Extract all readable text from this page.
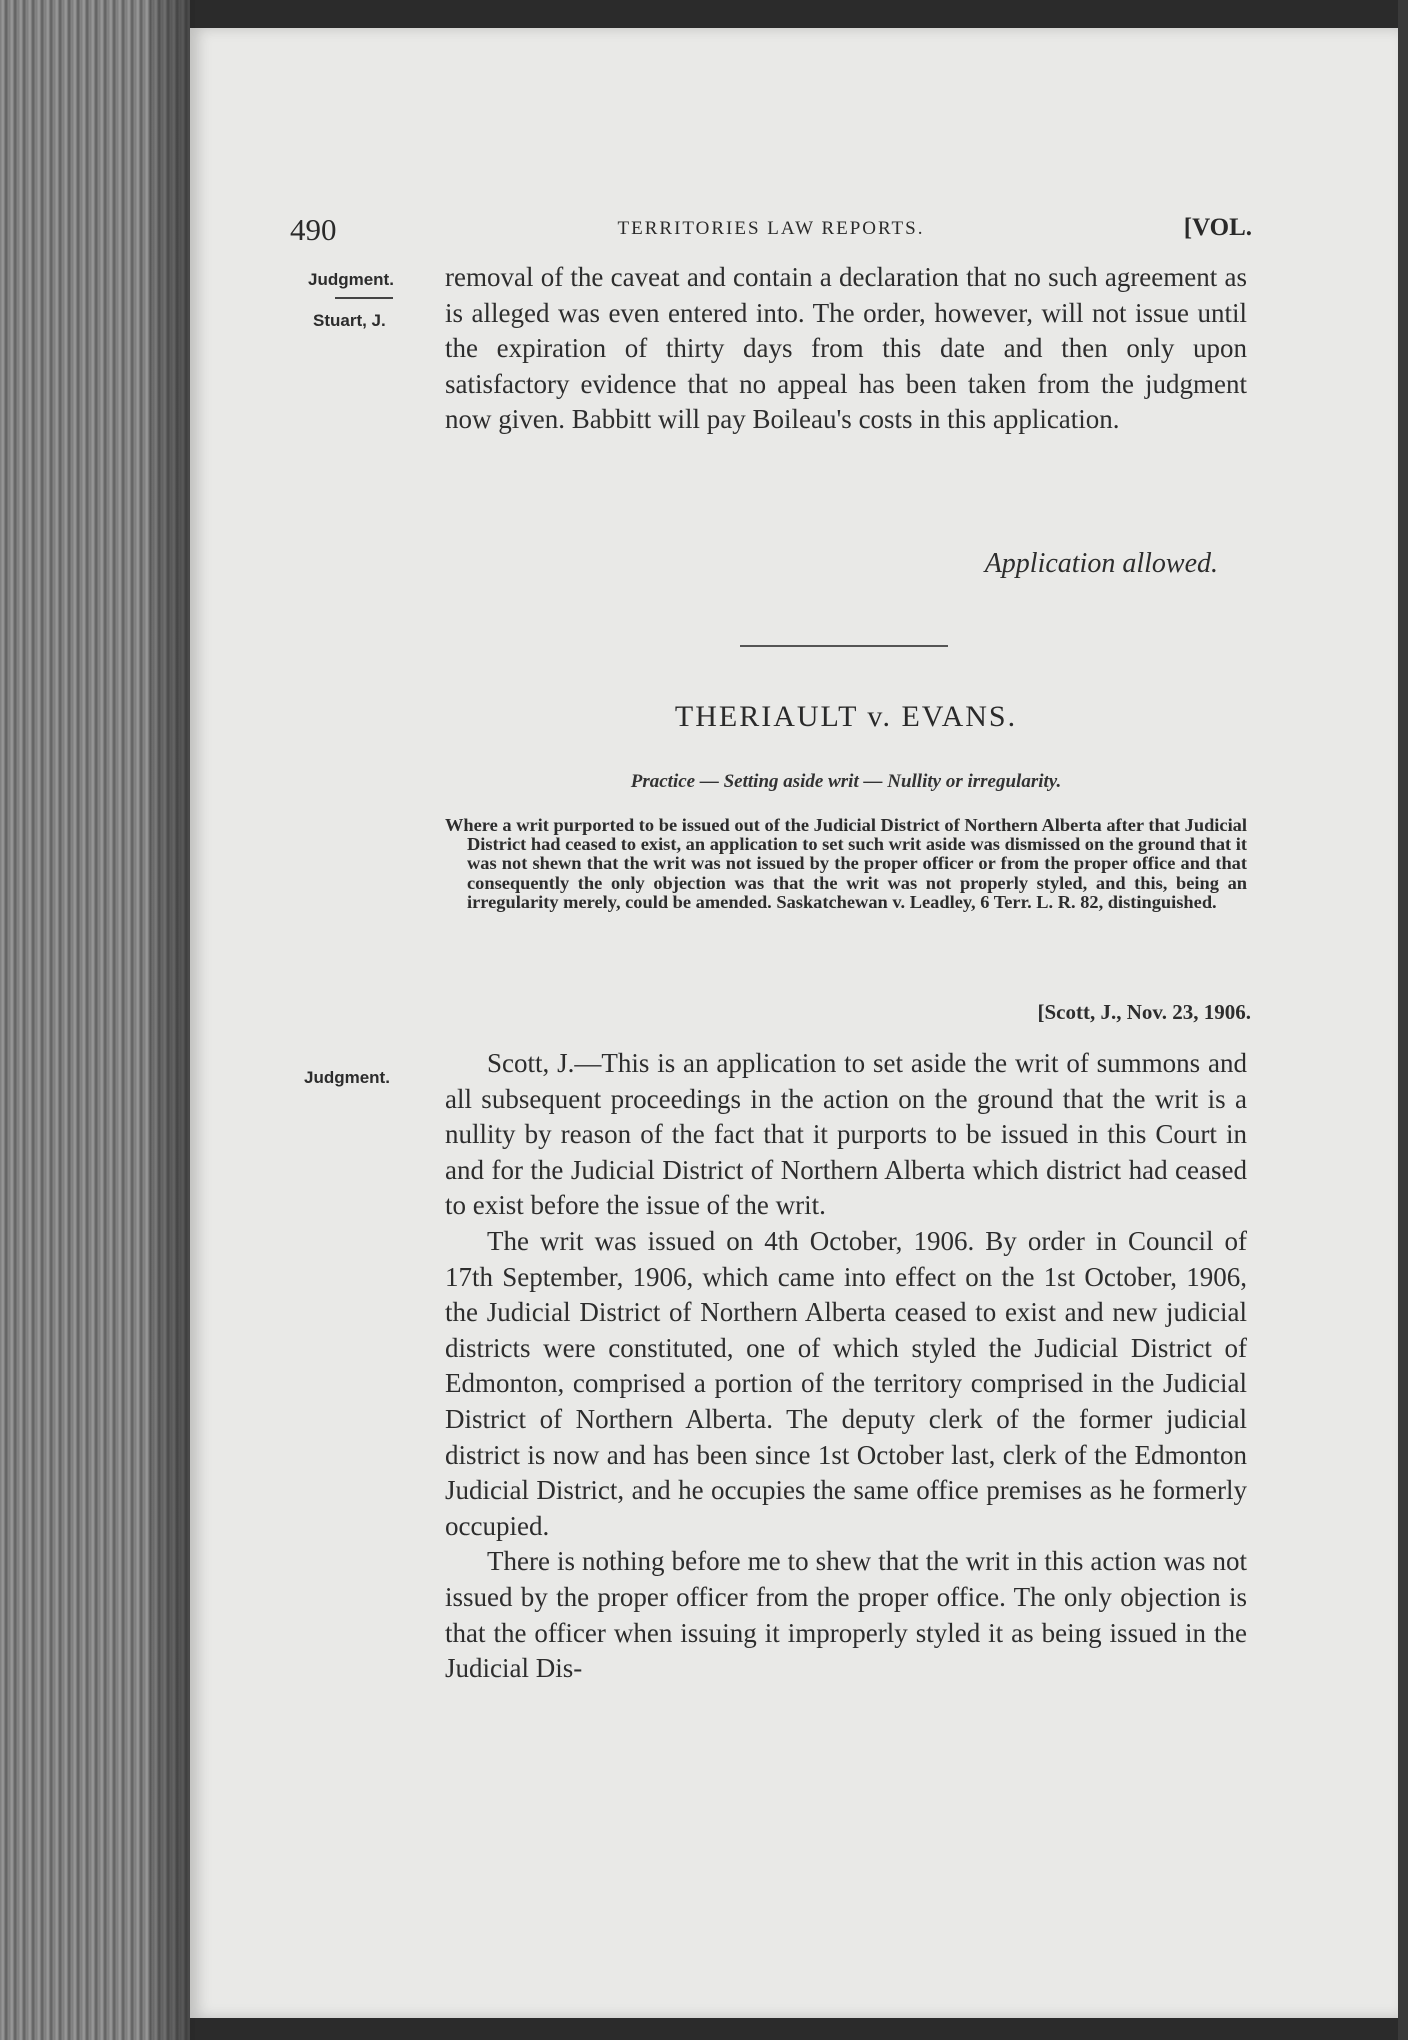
490	TERRITORIES LAW REPORTS.	[VOL.
Judgment.
Stuart, J.
removal of the caveat and contain a declaration that no such agreement as is alleged was even entered into. The order, however, will not issue until the expiration of thirty days from this date and then only upon satisfactory evidence that no appeal has been taken from the judgment now given. Babbitt will pay Boileau's costs in this application.
Application allowed.
THERIAULT v. EVANS.
Practice — Setting aside writ — Nullity or irregularity.
Where a writ purported to be issued out of the Judicial District of Northern Alberta after that Judicial District had ceased to exist, an application to set such writ aside was dismissed on the ground that it was not shewn that the writ was not issued by the proper officer or from the proper office and that consequently the only objection was that the writ was not properly styled, and this, being an irregularity merely, could be amended. Saskatchewan v. Leadley, 6 Terr. L. R. 82, distinguished.
[Scott, J., Nov. 23, 1906.
Judgment.	Scott, J.—This is an application to set aside the writ of summons and all subsequent proceedings in the action on the ground that the writ is a nullity by reason of the fact that it purports to be issued in this Court in and for the Judicial District of Northern Alberta which district had ceased to exist before the issue of the writ.

The writ was issued on 4th October, 1906. By order in Council of 17th September, 1906, which came into effect on the 1st October, 1906, the Judicial District of Northern Alberta ceased to exist and new judicial districts were constituted, one of which styled the Judicial District of Edmonton, comprised a portion of the territory comprised in the Judicial District of Northern Alberta. The deputy clerk of the former judicial district is now and has been since 1st October last, clerk of the Edmonton Judicial District, and he occupies the same office premises as he formerly occupied.

There is nothing before me to shew that the writ in this action was not issued by the proper officer from the proper office. The only objection is that the officer when issuing it improperly styled it as being issued in the Judicial Dis-
